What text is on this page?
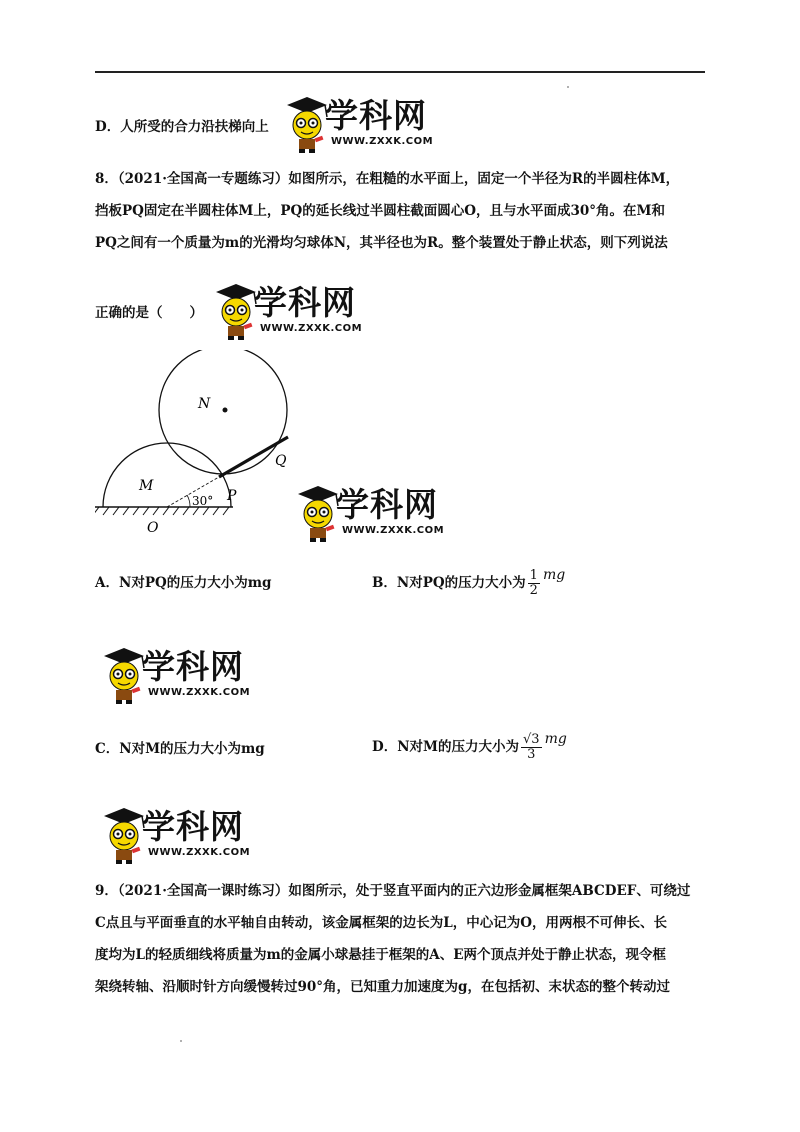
D．人所受的合力沿扶梯向上 学科网
WWW.ZXXK.COM
8．（2021·全国高一专题练习）如图所示，在粗糙的水平面上，固定一个半径为R的半圆柱体M，
挡板PQ固定在半圆柱体M上，PQ的延长线过半圆柱截面圆心O，且与水平面成30°角。在M和
PQ之间有一个质量为m的光滑均匀球体N，其半径也为R。整个装置处于静止状态，则下列说法
正确的是（　　） 学科网
WWW.ZXXK.COM
N
M
O
P
Q
30°	学科网
WWW.ZXXK.COM
A．N对PQ的压力大小为mg	B．N对PQ的压力大小为 $\frac{1}{2}$ mg
学科网
WWW.ZXXK.COM
C．N对M的压力大小为mg	D．N对M的压力大小为 $\frac{√3}{3}$ mg
学科网
WWW.ZXXK.COM
9．（2021·全国高一课时练习）如图所示，处于竖直平面内的正六边形金属框架ABCDEF、可绕过
C点且与平面垂直的水平轴自由转动，该金属框架的边长为L，中心记为O，用两根不可伸长、长
度均为L的轻质细线将质量为m的金属小球悬挂于框架的A、E两个顶点并处于静止状态，现令框
架绕转轴、沿顺时针方向缓慢转过90°角，已知重力加速度为g，在包括初、末状态的整个转动过
